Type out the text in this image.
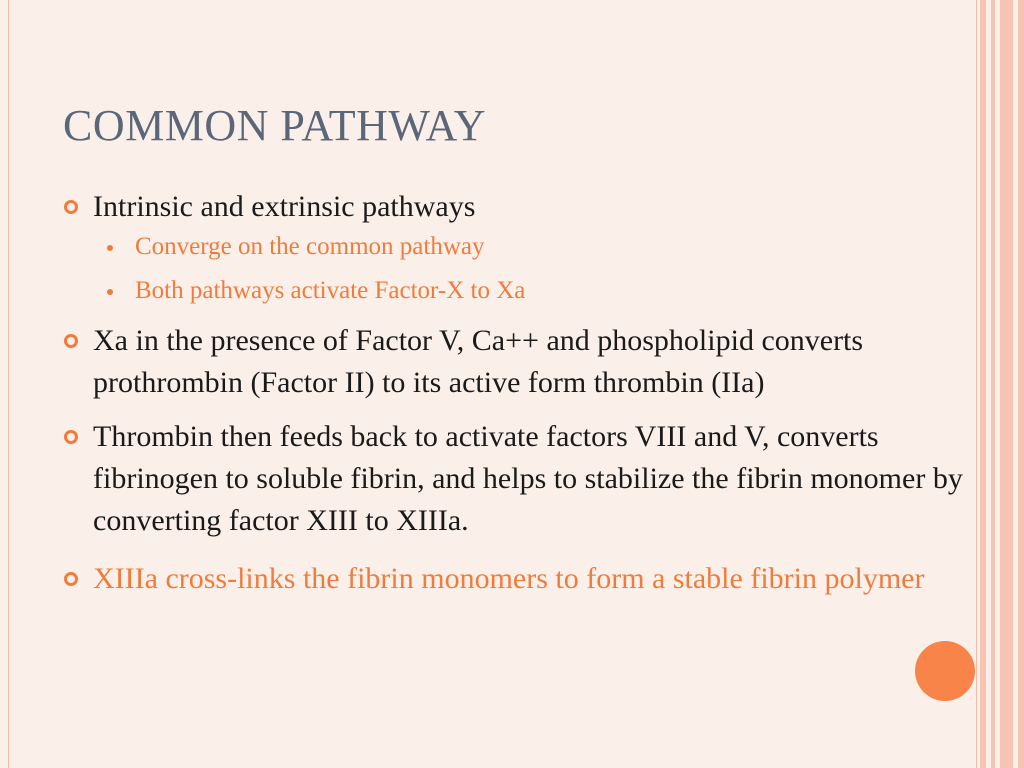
COMMON PATHWAY
Intrinsic and extrinsic pathways
Converge on the common pathway
Both pathways activate Factor-X to Xa
Xa in the presence of Factor V, Ca++ and phospholipid converts prothrombin (Factor II) to its active form thrombin (IIa)
Thrombin then feeds back to activate factors VIII and V, converts fibrinogen to soluble fibrin, and helps to stabilize the fibrin monomer by converting factor XIII to XIIIa.
XIIIa cross-links the fibrin monomers to form a stable fibrin polymer
